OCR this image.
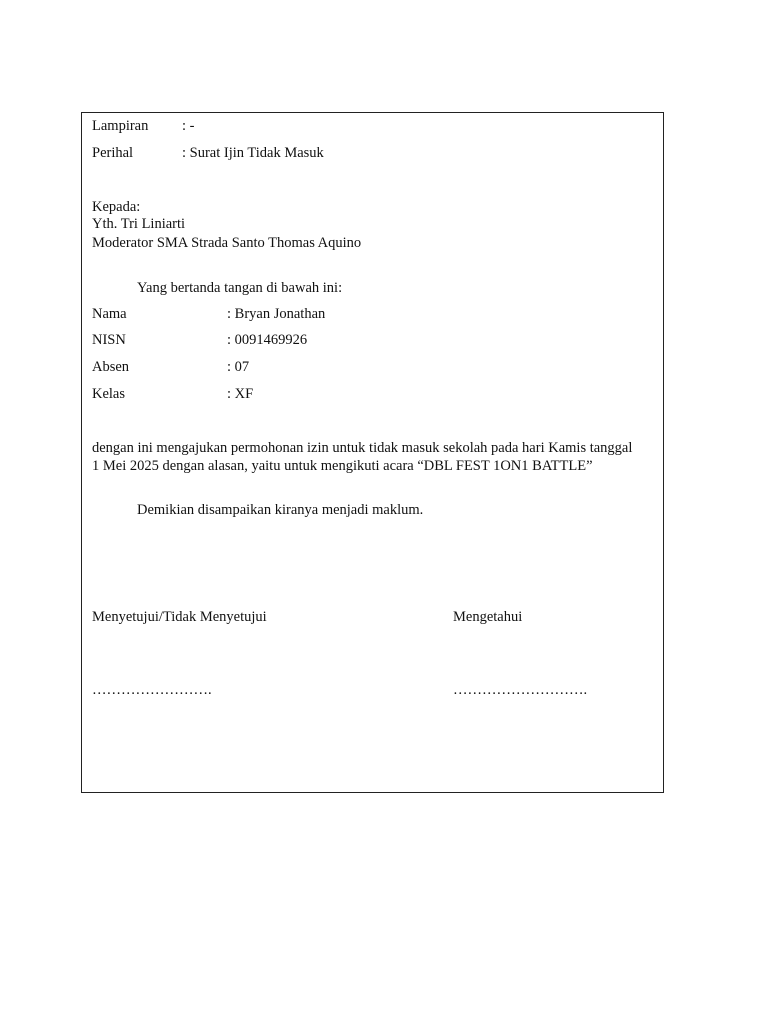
Lampiran : -
Perihal	: Surat Ijin Tidak Masuk
Kepada:
Yth. Tri Liniarti
Moderator SMA Strada Santo Thomas Aquino
Yang bertanda tangan di bawah ini:
Nama	: Bryan Jonathan
NISN	: 0091469926
Absen	: 07
Kelas	: XF
dengan ini mengajukan permohonan izin untuk tidak masuk sekolah pada hari Kamis tanggal
1 Mei 2025 dengan alasan, yaitu untuk mengikuti acara “DBL FEST 1ON1 BATTLE”
Demikian disampaikan kiranya menjadi maklum.
Menyetujui/Tidak Menyetujui	Mengetahui
…………………….	……………………….
